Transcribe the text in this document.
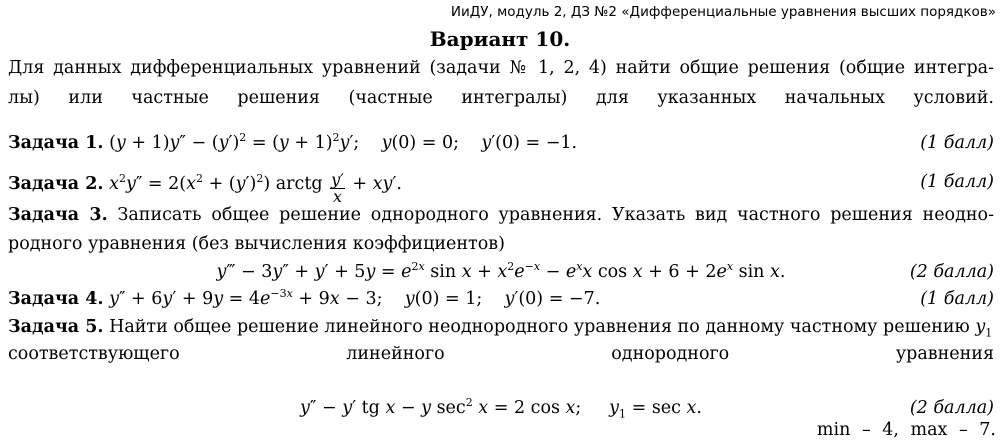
ИиДУ, модуль 2, ДЗ №2 «Дифференциальные уравнения высших порядков»
Вариант 10.
Для данных дифференциальных уравнений (задачи № 1, 2, 4) найти общие решения (общие интегра-
лы) или частные решения (частные интегралы) для указанных начальных условий.
Задача 1. $(y + 1)y'' - (y')^2 = (y + 1)^2y'$;    y(0) = 0;    y′(0) = −1.	(1 балл)
Задача 2. $x^2y'' = 2(x^2 + (y')^2)$ arctg $\frac{y'}{x} + xy'$.	(1 балл)
Задача 3. Записать общее решение однородного уравнения. Указать вид частного решения неодно-
родного уравнения (без вычисления коэффициентов)
y‴ − $3y'' + y' + 5y = e^{2x}$ $\sin x + x^2e^{-x} - e^xx$ $\cos x + 6 + 2e^x$ sin x.	(2 балла)
Задача 4. $y'' + 6y' + 9y = 4e^{-3x} + 9x - 3$;    y(0) = 1;    y′(0) = −7.	(1 балл)
Задача 5. Найти общее решение линейного неоднородного уравнения по данному частному решению $y_1$
соответствующего линейного однородного уравнения
y″ − y′ tg x − y $\sec^2 x = 2$ cos x;     $y_1 = \sec x$.	(2 балла)
min – 4, max – 7.
